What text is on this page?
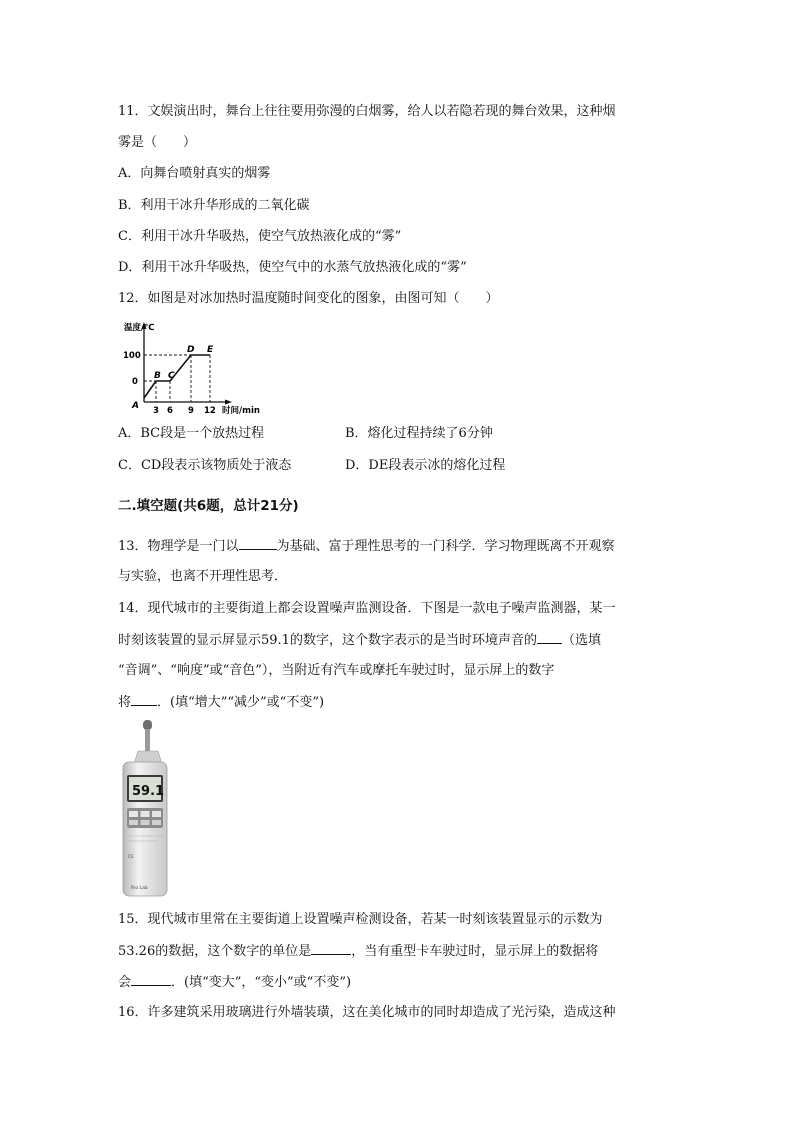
11．文娱演出时，舞台上往往要用弥漫的白烟雾，给人以若隐若现的舞台效果，这种烟
雾是（　　）
A．向舞台喷射真实的烟雾
B．利用干冰升华形成的二氧化碳
C．利用干冰升华吸热，使空气放热液化成的“雾”
D．利用干冰升华吸热，使空气中的水蒸气放热液化成的“雾”
12．如图是对冰加热时温度随时间变化的图象，由图可知（　　）
温度/℃
时间/min
100
0
3 6 9 12
A
B C
D E
A．BC段是一个放热过程	B．熔化过程持续了6分钟
C．CD段表示该物质处于液态	D．DE段表示冰的熔化过程
二.填空题(共6题，总计21分)
13．物理学是一门以	为基础、富于理性思考的一门科学．学习物理既离不开观察
与实验，也离不开理性思考．
14．现代城市的主要街道上都会设置噪声监测设备．下图是一款电子噪声监测器，某一
时刻该装置的显示屏显示59.1的数字，这个数字表示的是当时环境声音的 （选填
“音调”、“响度”或“音色”），当附近有汽车或摩托车驶过时，显示屏上的数字
将 ．(填“增大”“减少”或“不变”)
59.1
CE
Rio Lab
15．现代城市里常在主要街道上设置噪声检测设备，若某一时刻该装置显示的示数为
53.26的数据，这个数字的单位是	，当有重型卡车驶过时，显示屏上的数据将
会	．(填“变大”，“变小”或“不变”)
16．许多建筑采用玻璃进行外墙装璜，这在美化城市的同时却造成了光污染，造成这种
